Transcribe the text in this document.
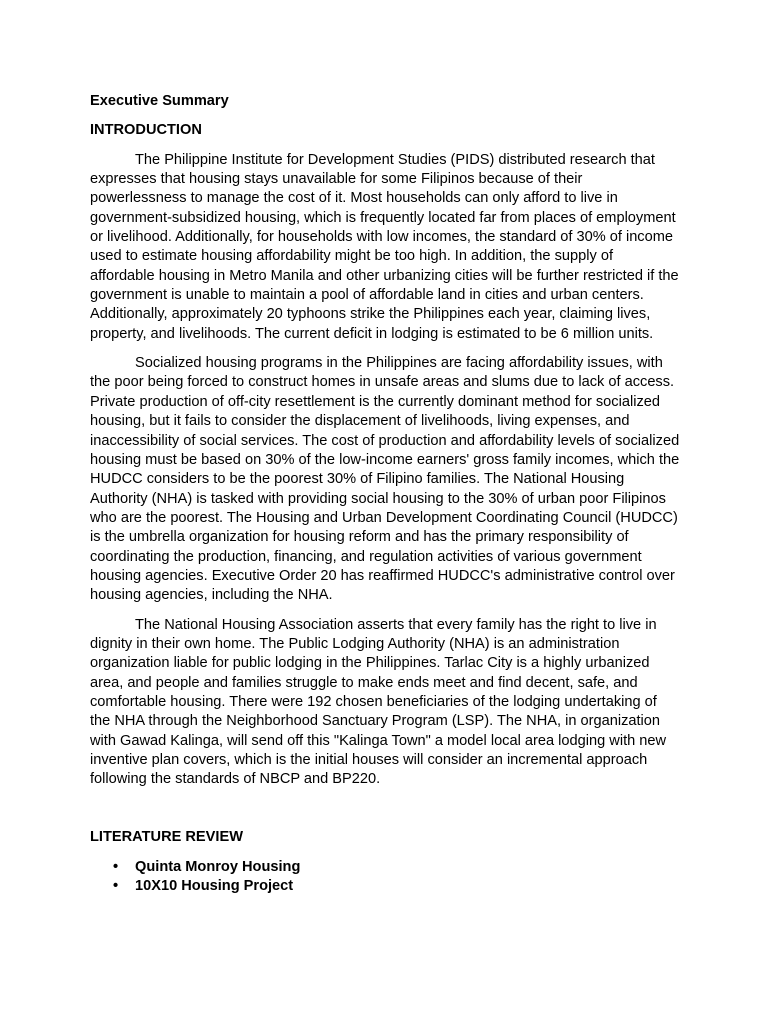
Executive Summary
INTRODUCTION

The Philippine Institute for Development Studies (PIDS) distributed research that expresses that housing stays unavailable for some Filipinos because of their powerlessness to manage the cost of it. Most households can only afford to live in government-subsidized housing, which is frequently located far from places of employment or livelihood. Additionally, for households with low incomes, the standard of 30% of income used to estimate housing affordability might be too high. In addition, the supply of affordable housing in Metro Manila and other urbanizing cities will be further restricted if the government is unable to maintain a pool of affordable land in cities and urban centers. Additionally, approximately 20 typhoons strike the Philippines each year, claiming lives, property, and livelihoods. The current deficit in lodging is estimated to be 6 million units.

Socialized housing programs in the Philippines are facing affordability issues, with the poor being forced to construct homes in unsafe areas and slums due to lack of access. Private production of off-city resettlement is the currently dominant method for socialized housing, but it fails to consider the displacement of livelihoods, living expenses, and inaccessibility of social services. The cost of production and affordability levels of socialized housing must be based on 30% of the low-income earners' gross family incomes, which the HUDCC considers to be the poorest 30% of Filipino families. The National Housing Authority (NHA) is tasked with providing social housing to the 30% of urban poor Filipinos who are the poorest. The Housing and Urban Development Coordinating Council (HUDCC) is the umbrella organization for housing reform and has the primary responsibility of coordinating the production, financing, and regulation activities of various government housing agencies. Executive Order 20 has reaffirmed HUDCC's administrative control over housing agencies, including the NHA.

The National Housing Association asserts that every family has the right to live in dignity in their own home. The Public Lodging Authority (NHA) is an administration organization liable for public lodging in the Philippines. Tarlac City is a highly urbanized area, and people and families struggle to make ends meet and find decent, safe, and comfortable housing. There were 192 chosen beneficiaries of the lodging undertaking of the NHA through the Neighborhood Sanctuary Program (LSP). The NHA, in organization with Gawad Kalinga, will send off this "Kalinga Town" a model local area lodging with new inventive plan covers, which is the initial houses will consider an incremental approach following the standards of NBCP and BP220.

LITERATURE REVIEW
• Quinta Monroy Housing
• 10X10 Housing Project
